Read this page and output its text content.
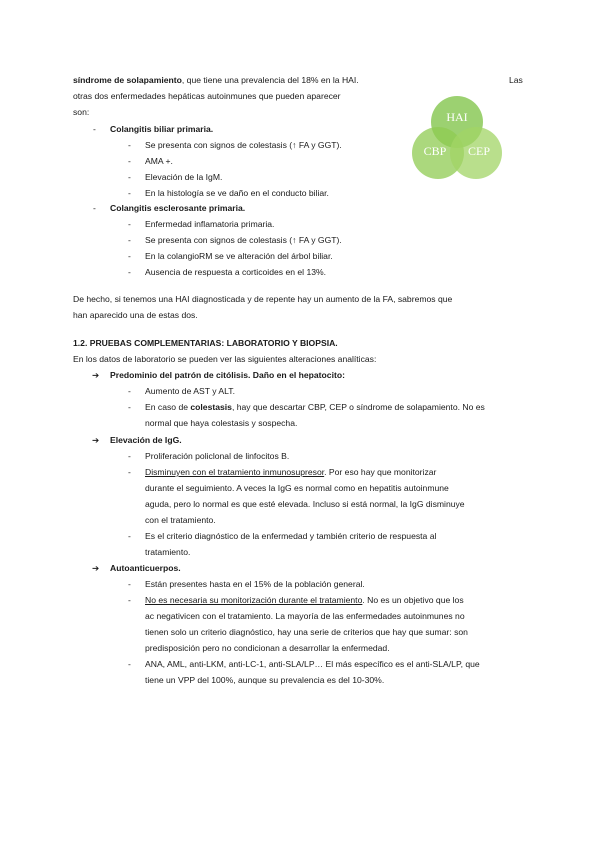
síndrome de solapamiento, que tiene una prevalencia del 18% en la HAI.	Las
otras dos enfermedades hepáticas autoinmunes que pueden aparecer
son:	HAI
CBP CEP
- Colangitis biliar primaria.
- Se presenta con signos de colestasis (↑ FA y GGT).
- AMA +.
- Elevación de la IgM.
- En la histología se ve daño en el conducto biliar.
- Colangitis esclerosante primaria.
- Enfermedad inflamatoria primaria.
- Se presenta con signos de colestasis (↑ FA y GGT).
- En la colangioRM se ve alteración del árbol biliar.
- Ausencia de respuesta a corticoides en el 13%.
De hecho, si tenemos una HAI diagnosticada y de repente hay un aumento de la FA, sabremos que
han aparecido una de estas dos.
1.2. PRUEBAS COMPLEMENTARIAS: LABORATORIO Y BIOPSIA.
En los datos de laboratorio se pueden ver las siguientes alteraciones analíticas:
➔ Predominio del patrón de citólisis. Daño en el hepatocito:
- Aumento de AST y ALT.
- En caso de colestasis, hay que descartar CBP, CEP o síndrome de solapamiento. No es
normal que haya colestasis y sospecha.
➔ Elevación de IgG.
- Proliferación policlonal de linfocitos B.
- Disminuyen con el tratamiento inmunosupresor. Por eso hay que monitorizar
durante el seguimiento. A veces la IgG es normal como en hepatitis autoinmune
aguda, pero lo normal es que esté elevada. Incluso si está normal, la IgG disminuye
con el tratamiento.
- Es el criterio diagnóstico de la enfermedad y también criterio de respuesta al
tratamiento.
➔ Autoanticuerpos.
- Están presentes hasta en el 15% de la población general.
- No es necesaria su monitorización durante el tratamiento. No es un objetivo que los
ac negativicen con el tratamiento. La mayoría de las enfermedades autoinmunes no
tienen solo un criterio diagnóstico, hay una serie de criterios que hay que sumar: son
predisposición pero no condicionan a desarrollar la enfermedad.
- ANA, AML, anti-LKM, anti-LC-1, anti-SLA/LP… El más específico es el anti-SLA/LP, que
tiene un VPP del 100%, aunque su prevalencia es del 10-30%.
